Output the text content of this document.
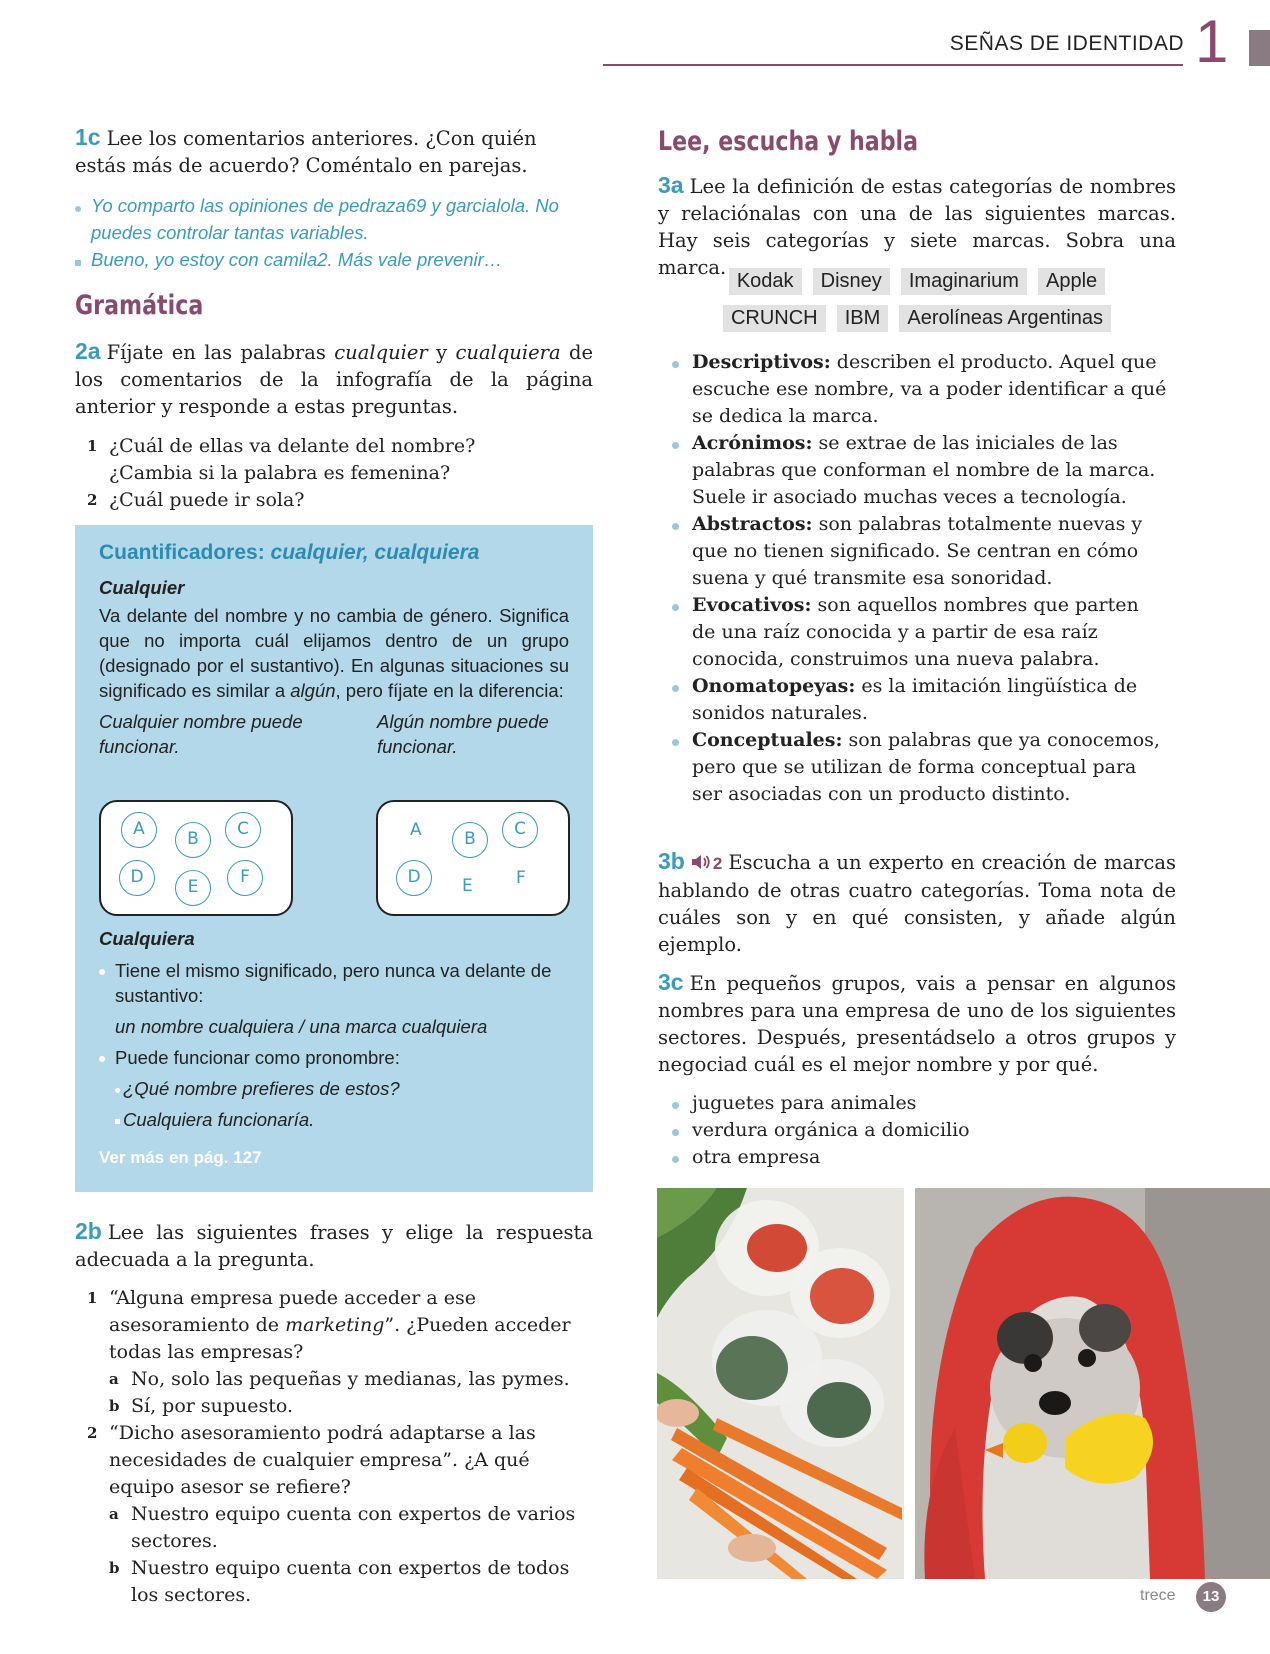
SEÑAS DE IDENTIDAD 1
1c Lee los comentarios anteriores. ¿Con quién estás más de acuerdo? Coméntalo en parejas.
Yo comparto las opiniones de pedraza69 y garcialola. No puedes controlar tantas variables.
Bueno, yo estoy con camila2. Más vale prevenir…
Gramática
2a Fíjate en las palabras cualquier y cualquiera de los comentarios de la infografía de la página anterior y responde a estas preguntas.
1 ¿Cuál de ellas va delante del nombre? ¿Cambia si la palabra es femenina?
2 ¿Cuál puede ir sola?
Cuantificadores: cualquier, cualquiera
Cualquier
Va delante del nombre y no cambia de género. Significa que no importa cuál elijamos dentro de un grupo (designado por el sustantivo). En algunas situaciones su significado es similar a algún, pero fíjate en la diferencia:
Cualquier nombre puede funcionar.
Algún nombre puede funcionar.
A	B	C
D	E	F
A	B	C
D	E	F
Cualquiera
Tiene el mismo significado, pero nunca va delante de sustantivo:
un nombre cualquiera / una marca cualquiera
Puede funcionar como pronombre:
¿Qué nombre prefieres de estos?
Cualquiera funcionaría.
Ver más en pág. 127
2b Lee las siguientes frases y elige la respuesta adecuada a la pregunta.
1 “Alguna empresa puede acceder a ese asesoramiento de marketing”. ¿Pueden acceder todas las empresas?
a No, solo las pequeñas y medianas, las pymes.
b Sí, por supuesto.
2 “Dicho asesoramiento podrá adaptarse a las necesidades de cualquier empresa”. ¿A qué equipo asesor se refiere?
a Nuestro equipo cuenta con expertos de varios sectores.
b Nuestro equipo cuenta con expertos de todos los sectores.
Lee, escucha y habla
3a Lee la definición de estas categorías de nombres y relaciónalas con una de las siguientes marcas. Hay seis categorías y siete marcas. Sobra una marca.
Kodak Disney Imaginarium Apple
CRUNCH IBM Aerolíneas Argentinas
Descriptivos: describen el producto. Aquel que escuche ese nombre, va a poder identificar a qué se dedica la marca.
Acrónimos: se extrae de las iniciales de las palabras que conforman el nombre de la marca. Suele ir asociado muchas veces a tecnología.
Abstractos: son palabras totalmente nuevas y que no tienen significado. Se centran en cómo suena y qué transmite esa sonoridad.
Evocativos: son aquellos nombres que parten de una raíz conocida y a partir de esa raíz conocida, construimos una nueva palabra.
Onomatopeyas: es la imitación lingüística de sonidos naturales.
Conceptuales: son palabras que ya conocemos, pero que se utilizan de forma conceptual para ser asociadas con un producto distinto.
3b 2 Escucha a un experto en creación de marcas hablando de otras cuatro categorías. Toma nota de cuáles son y en qué consisten, y añade algún ejemplo.
3c En pequeños grupos, vais a pensar en algunos nombres para una empresa de uno de los siguientes sectores. Después, presentádselo a otros grupos y negociad cuál es el mejor nombre y por qué.
juguetes para animales
verdura orgánica a domicilio
otra empresa
trece	13
